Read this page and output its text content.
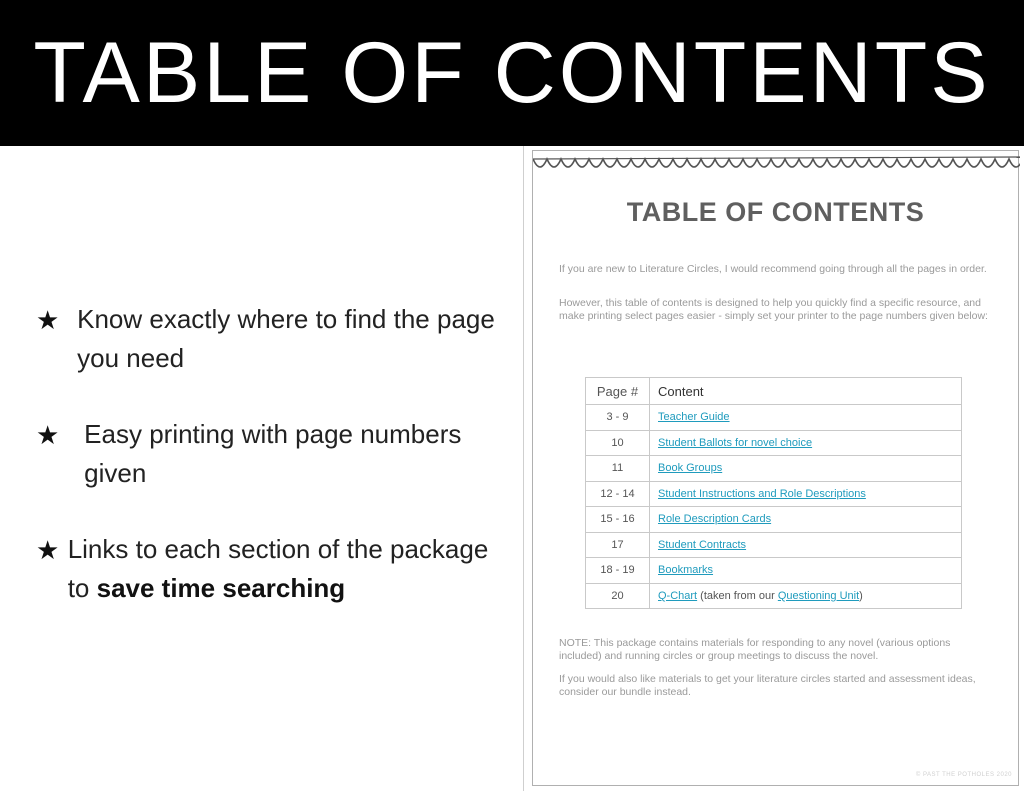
TABLE OF CONTENTS
★ Know exactly where to find the page you need
★ Easy printing with page numbers given
★ Links to each section of the package to save time searching
TABLE OF CONTENTS

If you are new to Literature Circles, I would recommend going through all the pages in order.

However, this table of contents is designed to help you quickly find a specific resource, and make printing select pages easier - simply set your printer to the page numbers given below:

Page #	Content
3 - 9	Teacher Guide
10	Student Ballots for novel choice
11	Book Groups
12 - 14	Student Instructions and Role Descriptions
15 - 16	Role Description Cards
17	Student Contracts
18 - 19	Bookmarks
20	Q-Chart (taken from our Questioning Unit)

NOTE: This package contains materials for responding to any novel (various options included) and running circles or group meetings to discuss the novel.

If you would also like materials to get your literature circles started and assessment ideas, consider our bundle instead.

© PAST THE POTHOLES 2020
